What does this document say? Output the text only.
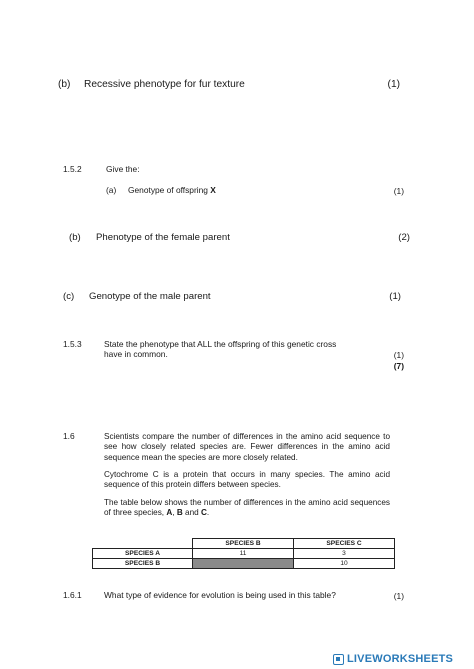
(b) Recessive phenotype for fur texture	(1)
1.5.2	Give the:
(a) Genotype of offspring X	(1)
(b) Phenotype of the female parent	(2)
(c) Genotype of the male parent	(1)
1.5.3	State the phenotype that ALL the offspring of this genetic cross
have in common.	(1)
(7)
1.6	Scientists compare the number of differences in the amino acid sequence to see how closely related species are. Fewer differences in the amino acid sequence mean the species are more closely related.
Cytochrome C is a protein that occurs in many species. The amino acid sequence of this protein differs between species.
The table below shows the number of differences in the amino acid sequences of three species, A, B and C.
	SPECIES B	SPECIES C
SPECIES A	11	3
SPECIES B		10
1.6.1	What type of evidence for evolution is being used in this table?	(1)
LIVEWORKSHEETS
